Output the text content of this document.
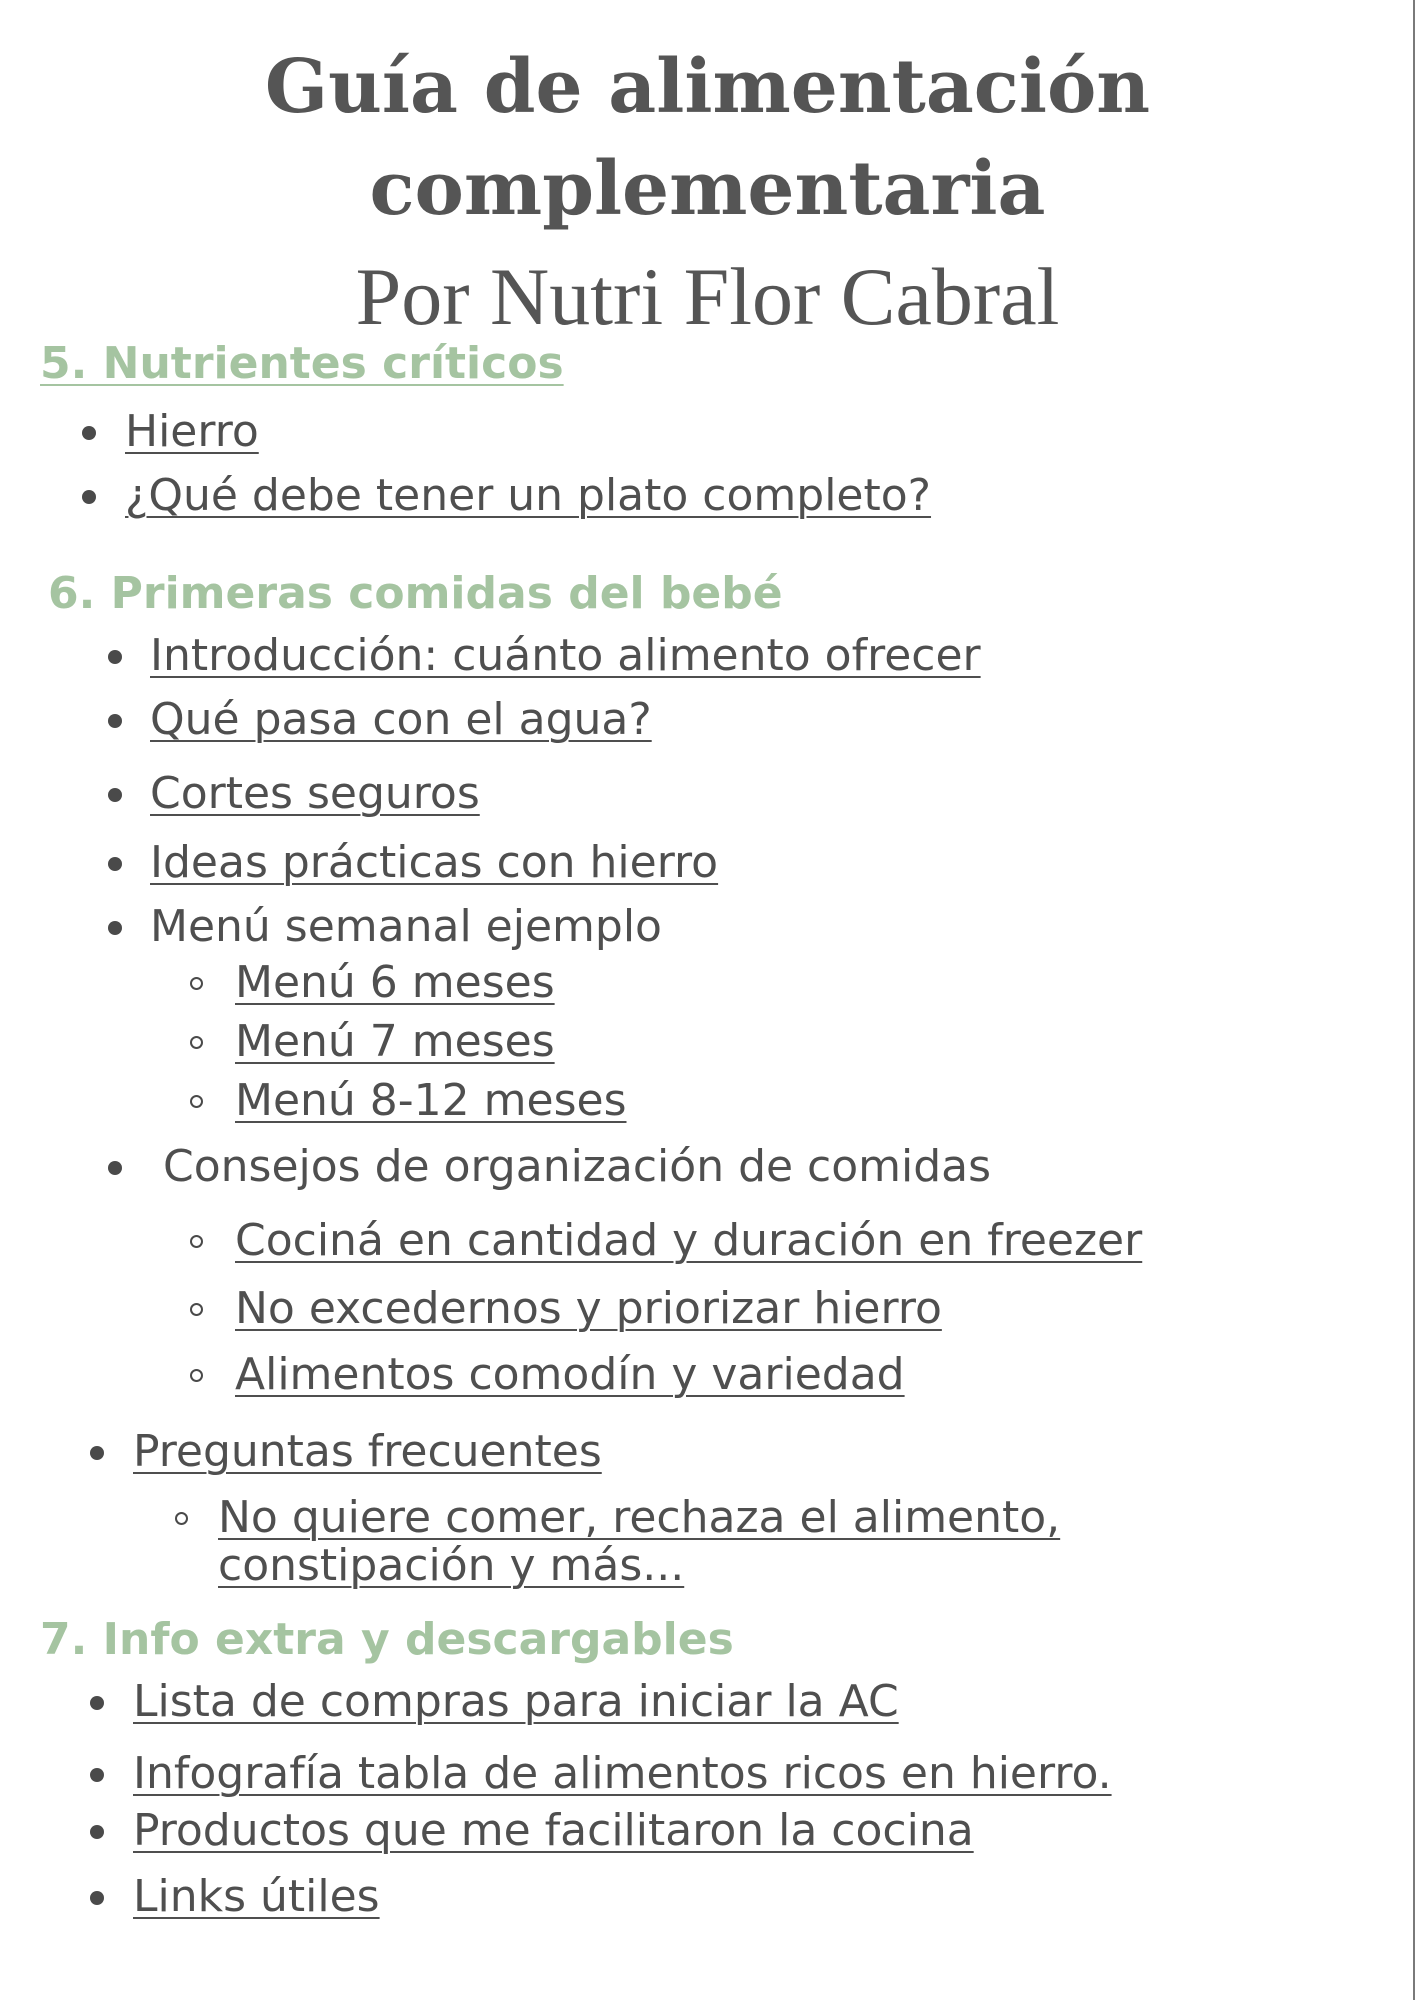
Guía de alimentación
complementaria
Por Nutri Flor Cabral
5. Nutrientes críticos
Hierro
¿Qué debe tener un plato completo?
6. Primeras comidas del bebé
Introducción: cuánto alimento ofrecer
Qué pasa con el agua?
Cortes seguros
Ideas prácticas con hierro
Menú semanal ejemplo
Menú 6 meses
Menú 7 meses
Menú 8-12 meses
Consejos de organización de comidas
Cociná en cantidad y duración en freezer
No excedernos y priorizar hierro
Alimentos comodín y variedad
Preguntas frecuentes
No quiere comer, rechaza el alimento,
constipación y más...
7. Info extra y descargables
Lista de compras para iniciar la AC
Infografía tabla de alimentos ricos en hierro.
Productos que me facilitaron la cocina
Links útiles
